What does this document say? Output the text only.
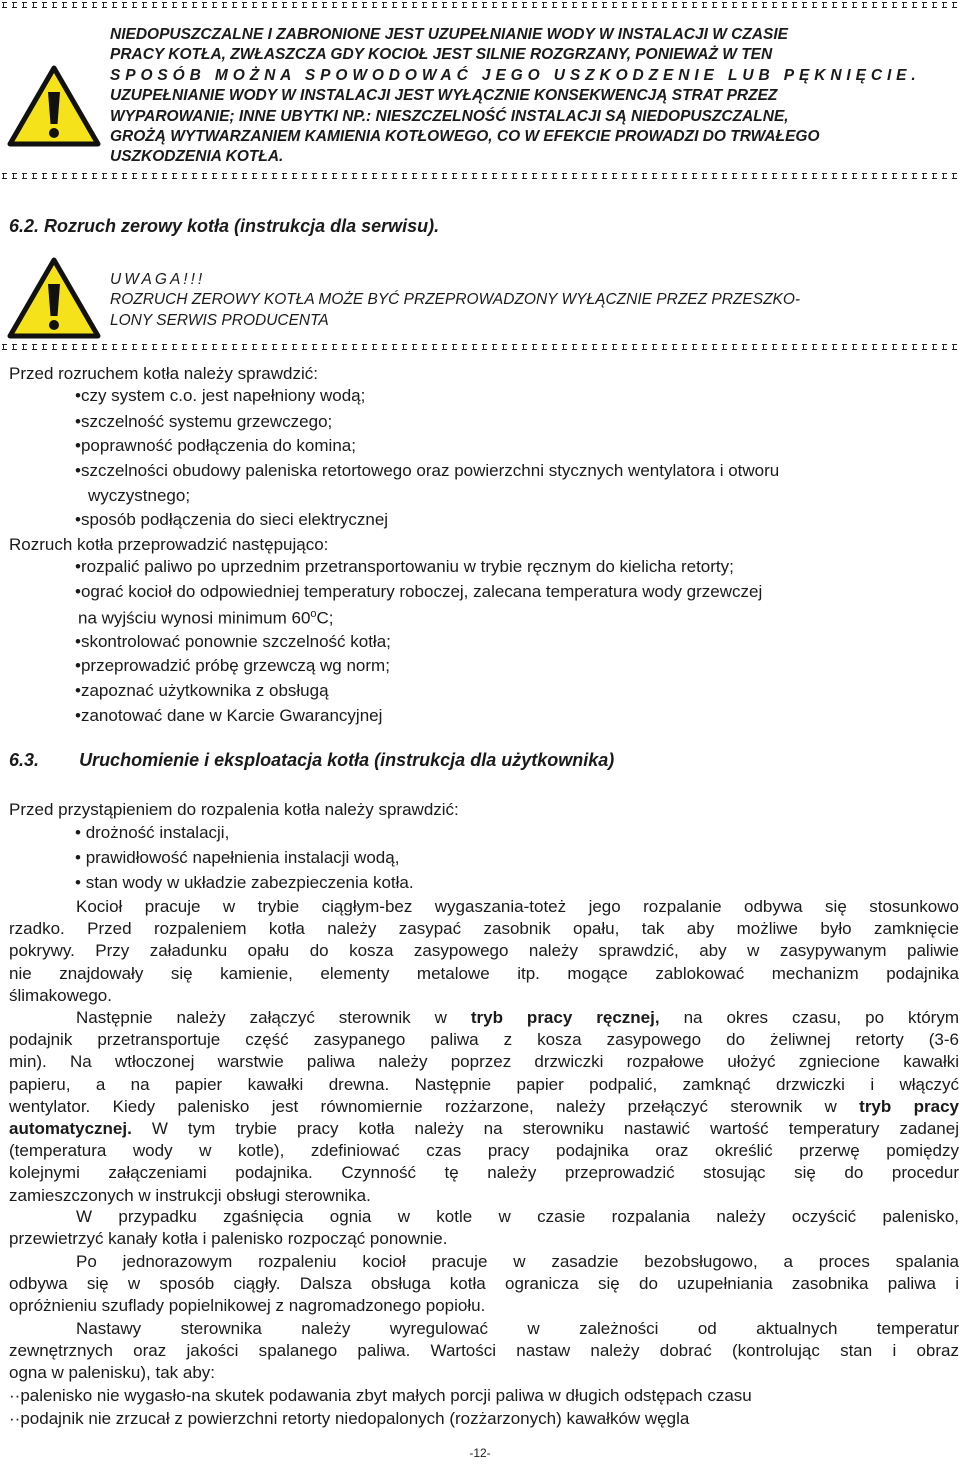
NIEDOPUSZCZALNE I ZABRONIONE JEST UZUPEŁNIANIE WODY W INSTALACJI W CZASIE
PRACY KOTŁA, ZWŁASZCZA GDY KOCIOŁ JEST SILNIE ROZGRZANY, PONIEWAŻ W TEN
SPOSÓB MOŻNA SPOWODOWAĆ JEGO USZKODZENIE LUB PĘKNIĘCIE.
UZUPEŁNIANIE WODY W INSTALACJI JEST WYŁĄCZNIE KONSEKWENCJĄ STRAT PRZEZ
WYPAROWANIE; INNE UBYTKI NP.: NIESZCZELNOŚĆ INSTALACJI SĄ NIEDOPUSZCZALNE,
GROŻĄ WYTWARZANIEM KAMIENIA KOTŁOWEGO, CO W EFEKCIE PROWADZI DO TRWAŁEGO
USZKODZENIA KOTŁA.
6.2. Rozruch zerowy kotła (instrukcja dla serwisu).
UWAGA!!!
ROZRUCH ZEROWY KOTŁA MOŻE BYĆ PRZEPROWADZONY WYŁĄCZNIE PRZEZ PRZESZKO-
LONY SERWIS PRODUCENTA
Przed rozruchem kotła należy sprawdzić:
•czy system c.o. jest napełniony wodą;
•szczelność systemu grzewczego;
•poprawność podłączenia do komina;
•szczelności obudowy paleniska retortowego oraz powierzchni stycznych wentylatora i otworu
wyczystnego;
•sposób podłączenia do sieci elektrycznej
Rozruch kotła przeprowadzić następująco:
•rozpalić paliwo po uprzednim przetransportowaniu w trybie ręcznym do kielicha retorty;
•ograć kocioł do odpowiedniej temperatury roboczej, zalecana temperatura wody grzewczej
na wyjściu wynosi minimum 60$^o$C;
•skontrolować ponownie szczelność kotła;
•przeprowadzić próbę grzewczą wg norm;
•zapoznać użytkownika z obsługą
•zanotować dane w Karcie Gwarancyjnej
6.3. Uruchomienie i eksploatacja kotła (instrukcja dla użytkownika)
Przed przystąpieniem do rozpalenia kotła należy sprawdzić:
• drożność instalacji,
• prawidłowość napełnienia instalacji wodą,
• stan wody w układzie zabezpieczenia kotła.
Kocioł pracuje w trybie ciągłym-bez wygaszania-toteż jego rozpalanie odbywa się stosunkowo
rzadko. Przed rozpaleniem kotła należy zasypać zasobnik opału, tak aby możliwe było zamknięcie
pokrywy. Przy załadunku opału do kosza zasypowego należy sprawdzić, aby w zasypywanym paliwie
nie znajdowały się kamienie, elementy metalowe itp. mogące zablokować mechanizm podajnika
ślimakowego.
Następnie należy załączyć sterownik w tryb pracy ręcznej, na okres czasu, po którym
podajnik przetransportuje część zasypanego paliwa z kosza zasypowego do żeliwnej retorty (3-6
min). Na wtłoczonej warstwie paliwa należy poprzez drzwiczki rozpałowe ułożyć zgniecione kawałki
papieru, a na papier kawałki drewna. Następnie papier podpalić, zamknąć drzwiczki i włączyć
wentylator. Kiedy palenisko jest równomiernie rozżarzone, należy przełączyć sterownik w tryb pracy
automatycznej. W tym trybie pracy kotła należy na sterowniku nastawić wartość temperatury zadanej
(temperatura wody w kotle), zdefiniować czas pracy podajnika oraz określić przerwę pomiędzy
kolejnymi załączeniami podajnika. Czynność tę należy przeprowadzić stosując się do procedur
zamieszczonych w instrukcji obsługi sterownika.
W przypadku zgaśnięcia ognia w kotle w czasie rozpalania należy oczyścić palenisko,
przewietrzyć kanały kotła i palenisko rozpocząć ponownie.
Po jednorazowym rozpaleniu kocioł pracuje w zasadzie bezobsługowo, a proces spalania
odbywa się w sposób ciągły. Dalsza obsługa kotła ogranicza się do uzupełniania zasobnika paliwa i
opróżnieniu szuflady popielnikowej z nagromadzonego popiołu.
Nastawy sterownika należy wyregulować w zależności od aktualnych temperatur
zewnętrznych oraz jakości spalanego paliwa. Wartości nastaw należy dobrać (kontrolując stan i obraz
ogna w palenisku), tak aby:
··palenisko nie wygasło-na skutek podawania zbyt małych porcji paliwa w długich odstępach czasu
··podajnik nie zrzucał z powierzchni retorty niedopalonych (rozżarzonych) kawałków węgla
-12-
